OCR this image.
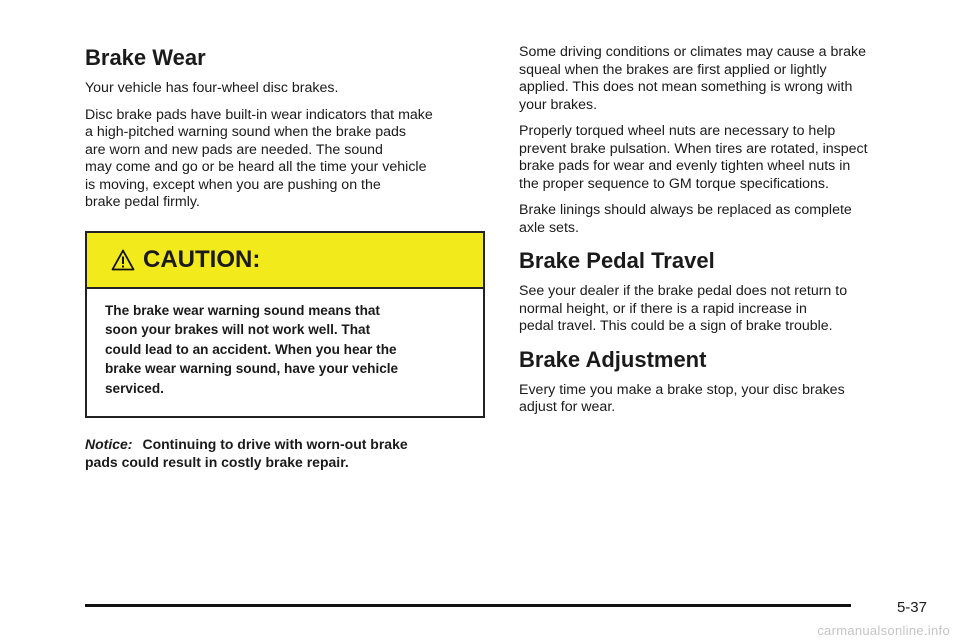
Brake Wear

Your vehicle has four-wheel disc brakes.

Disc brake pads have built-in wear indicators that make
a high-pitched warning sound when the brake pads
are worn and new pads are needed. The sound
may come and go or be heard all the time your vehicle
is moving, except when you are pushing on the
brake pedal firmly.

CAUTION:
The brake wear warning sound means that
soon your brakes will not work well. That
could lead to an accident. When you hear the
brake wear warning sound, have your vehicle
serviced.
Notice: Continuing to drive with worn-out brake
pads could result in costly brake repair.

Some driving conditions or climates may cause a brake
squeal when the brakes are first applied or lightly
applied. This does not mean something is wrong with
your brakes.

Properly torqued wheel nuts are necessary to help
prevent brake pulsation. When tires are rotated, inspect
brake pads for wear and evenly tighten wheel nuts in
the proper sequence to GM torque specifications.

Brake linings should always be replaced as complete
axle sets.

Brake Pedal Travel

See your dealer if the brake pedal does not return to
normal height, or if there is a rapid increase in
pedal travel. This could be a sign of brake trouble.

Brake Adjustment

Every time you make a brake stop, your disc brakes
adjust for wear.

5-37
carmanualsonline.info
